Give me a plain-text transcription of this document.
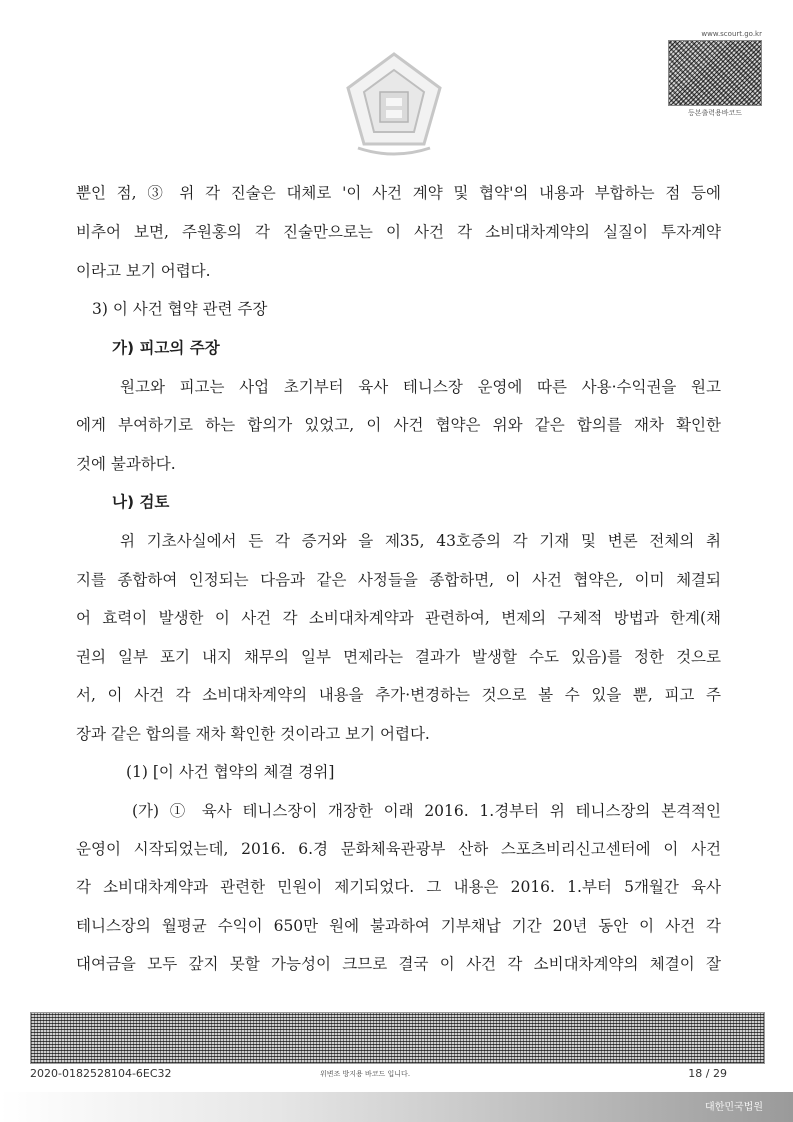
www.scourt.go.kr
등본출력용바코드
뿐인 점, ③ 위 각 진술은 대체로 '이 사건 계약 및 협약'의 내용과 부합하는 점 등에
비추어 보면, 주원홍의 각 진술만으로는 이 사건 각 소비대차계약의 실질이 투자계약
이라고 보기 어렵다.
3) 이 사건 협약 관련 주장
가) 피고의 주장
원고와 피고는 사업 초기부터 육사 테니스장 운영에 따른 사용·수익권을 원고
에게 부여하기로 하는 합의가 있었고, 이 사건 협약은 위와 같은 합의를 재차 확인한
것에 불과하다.
나) 검토
위 기초사실에서 든 각 증거와 을 제35, 43호증의 각 기재 및 변론 전체의 취
지를 종합하여 인정되는 다음과 같은 사정들을 종합하면, 이 사건 협약은, 이미 체결되
어 효력이 발생한 이 사건 각 소비대차계약과 관련하여, 변제의 구체적 방법과 한계(채
권의 일부 포기 내지 채무의 일부 면제라는 결과가 발생할 수도 있음)를 정한 것으로
서, 이 사건 각 소비대차계약의 내용을 추가·변경하는 것으로 볼 수 있을 뿐, 피고 주
장과 같은 합의를 재차 확인한 것이라고 보기 어렵다.
(1) [이 사건 협약의 체결 경위]
(가) ① 육사 테니스장이 개장한 이래 2016. 1.경부터 위 테니스장의 본격적인
운영이 시작되었는데, 2016. 6.경 문화체육관광부 산하 스포츠비리신고센터에 이 사건
각 소비대차계약과 관련한 민원이 제기되었다. 그 내용은 2016. 1.부터 5개월간 육사
테니스장의 월평균 수익이 650만 원에 불과하여 기부채납 기간 20년 동안 이 사건 각
대여금을 모두 갚지 못할 가능성이 크므로 결국 이 사건 각 소비대차계약의 체결이 잘
2020-0182528104-6EC32	위변조 방지용 바코드 입니다.	18 / 29
대한민국법원
